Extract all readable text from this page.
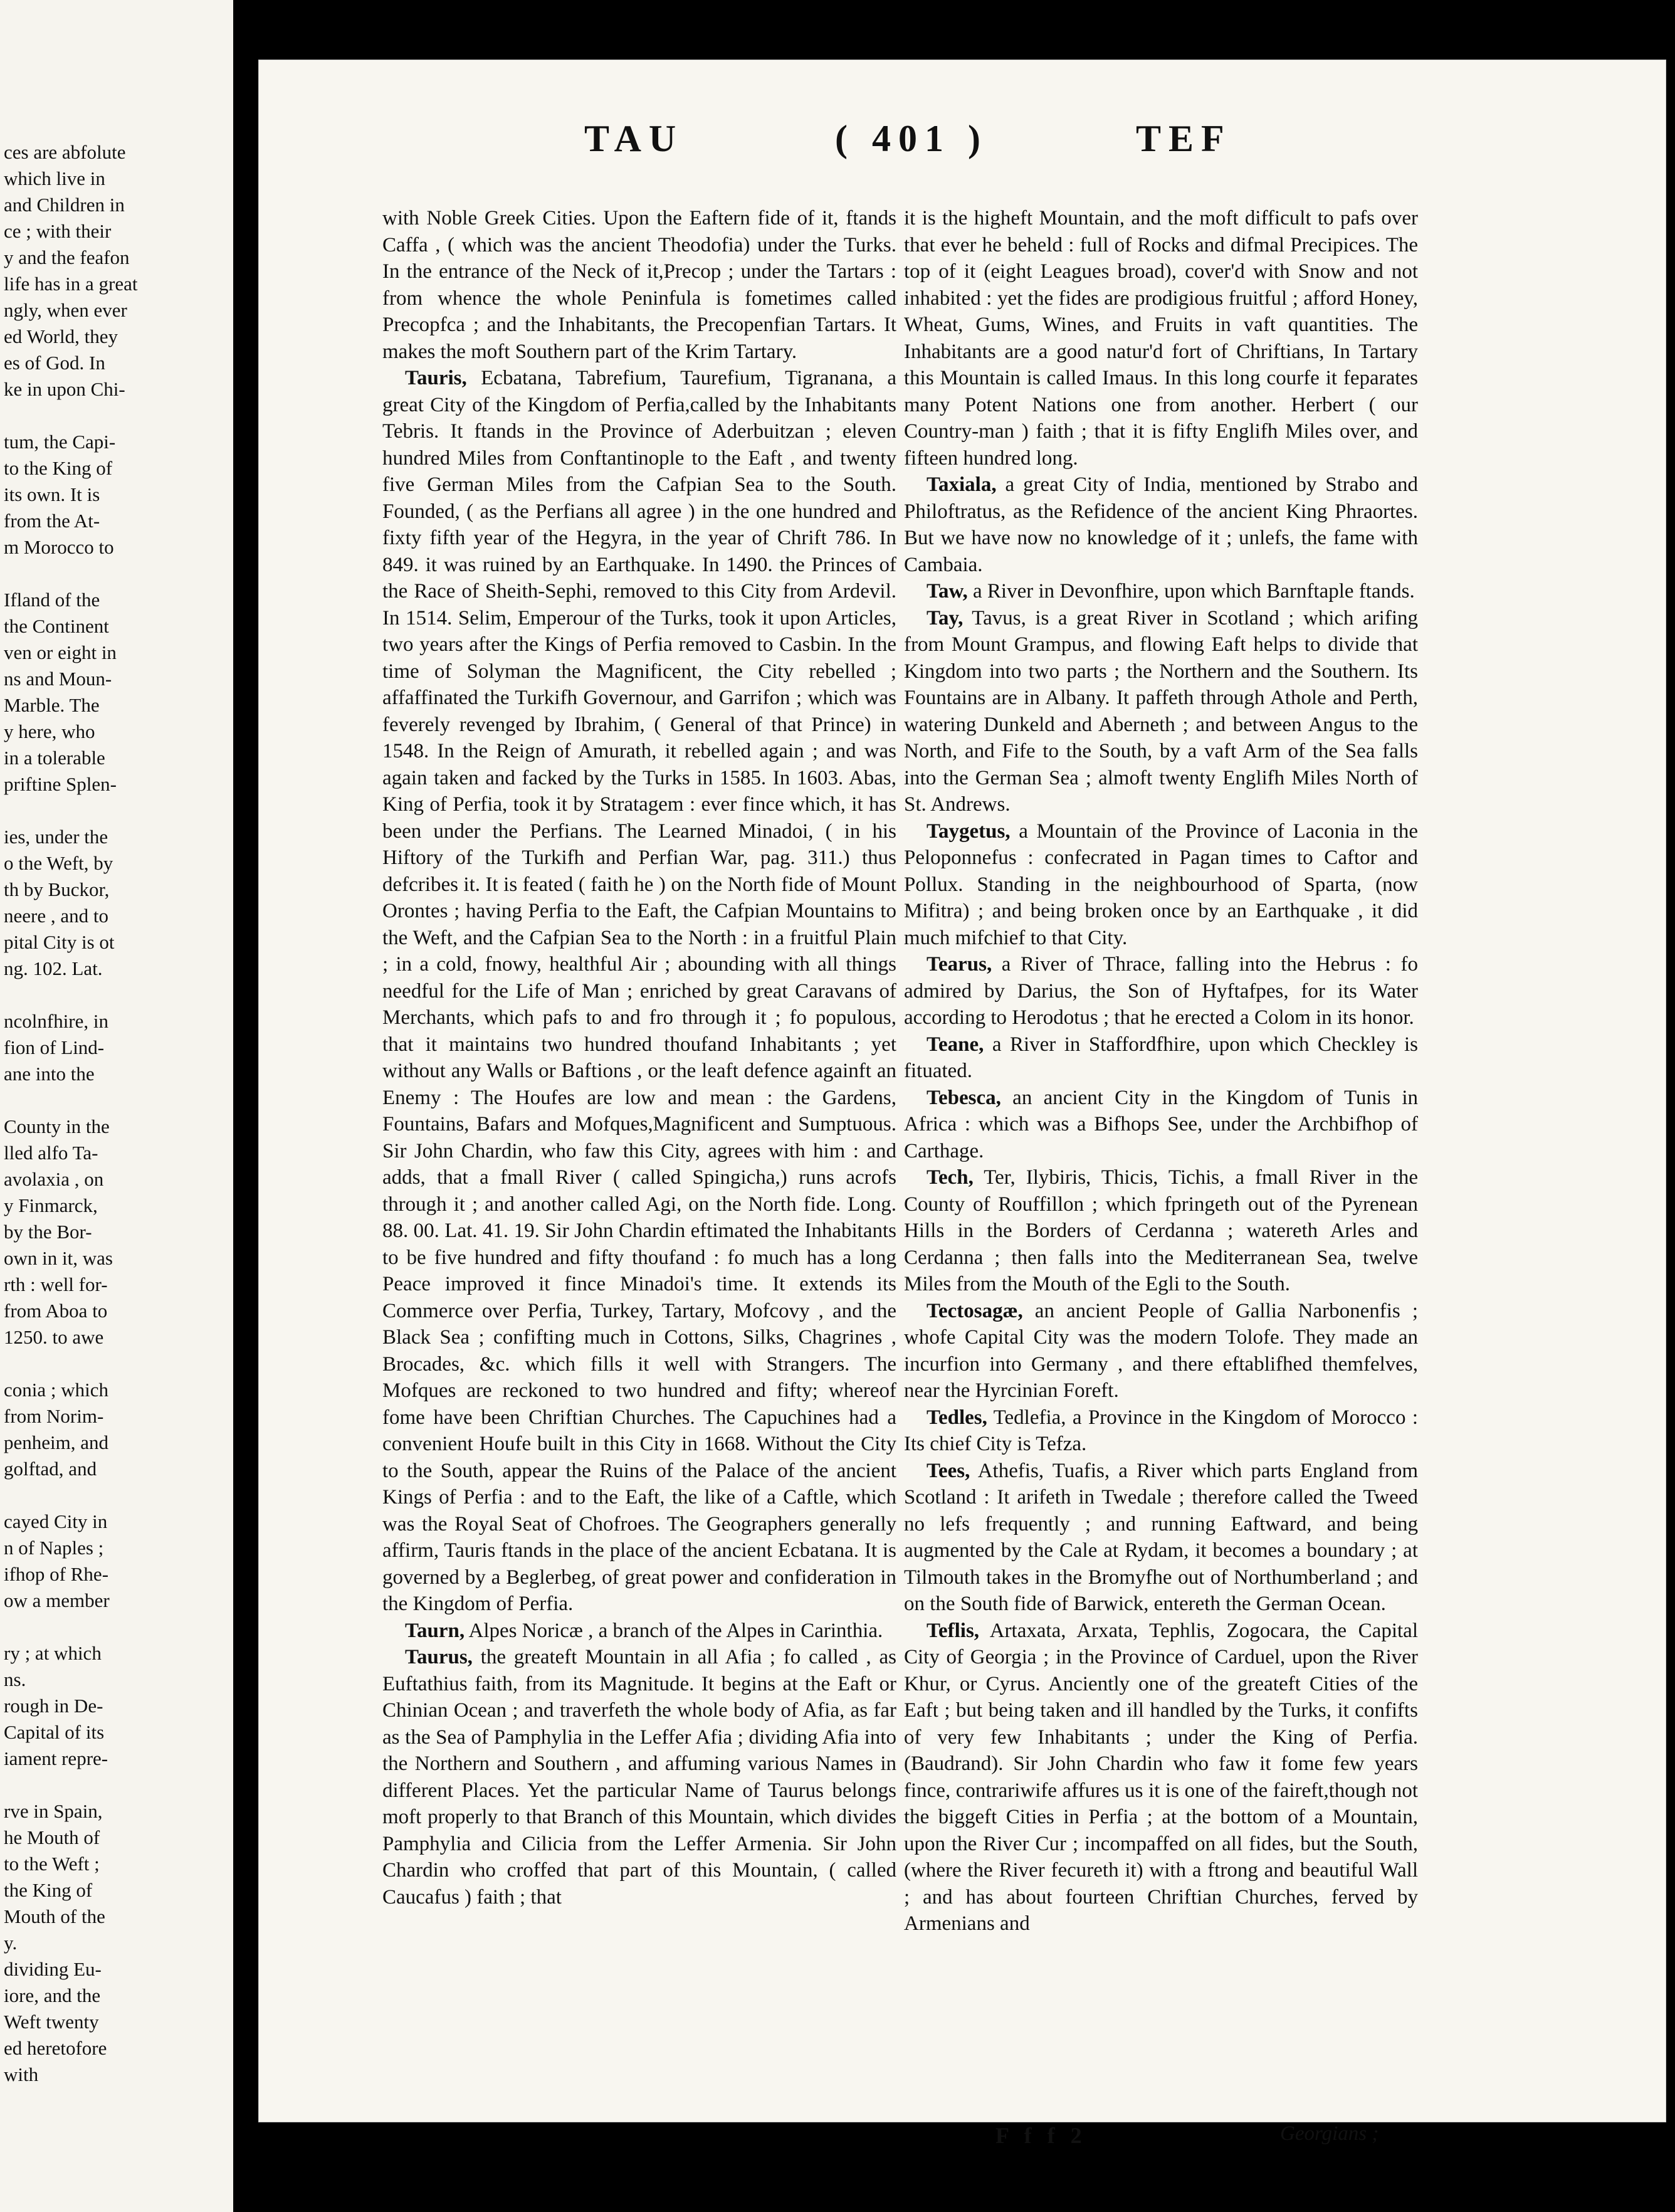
ces are abfolute
which live in
and Children in
ce ; with their
y and the feafon
life has in a great
ngly, when ever
ed World, they
es of God. In
ke in upon Chi-
tum, the Capi-
to the King of
its own. It is
from the At-
m Morocco to
Ifland of the
the Continent
ven or eight in
ns and Moun-
Marble. The
y here, who
in a tolerable
priftine Splen-
ies, under the
o the Weft, by
th by Buckor,
neere , and to
pital City is ot
ng. 102. Lat.
ncolnfhire, in
fion of Lind-
ane into the
County in the
lled alfo Ta-
avolaxia , on
y Finmarck,
by the Bor-
own in it, was
rth : well for-
from Aboa to
1250. to awe
conia ; which
from Norim-
penheim, and
golftad, and
cayed City in
n of Naples ;
ifhop of Rhe-
ow a member
ry ; at which
ns.
rough in De-
Capital of its
iament repre-
rve in Spain,
he Mouth of
to the Weft ;
the King of
Mouth of the
y.
dividing Eu-
iore, and the
Weft twenty
ed heretofore
with
TAU	( 401 )	TEF

with Noble Greek Cities. Upon the Eaftern fide of it, ftands Caffa , ( which was the ancient Theodofia) under the Turks. In the entrance of the Neck of it,Precop ; under the Tartars : from whence the whole Peninfula is fometimes called Precopfca ; and the Inhabitants, the Precopenfian Tartars. It makes the moft Southern part of the Krim Tartary.

Tauris, Ecbatana, Tabrefium, Taurefium, Tigranana, a great City of the Kingdom of Perfia,called by the Inhabitants Tebris. It ftands in the Province of Aderbuitzan ; eleven hundred Miles from Conftantinople to the Eaft , and twenty five German Miles from the Cafpian Sea to the South. Founded, ( as the Perfians all agree ) in the one hundred and fixty fifth year of the Hegyra, in the year of Chrift 786. In 849. it was ruined by an Earthquake. In 1490. the Princes of the Race of Sheith-Sephi, removed to this City from Ardevil. In 1514. Selim, Emperour of the Turks, took it upon Articles, two years after the Kings of Perfia removed to Casbin. In the time of Solyman the Magnificent, the City rebelled ; affaffinated the Turkifh Governour, and Garrifon ; which was feverely revenged by Ibrahim, ( General of that Prince) in 1548. In the Reign of Amurath, it rebelled again ; and was again taken and facked by the Turks in 1585. In 1603. Abas, King of Perfia, took it by Stratagem : ever fince which, it has been under the Perfians. The Learned Minadoi, ( in his Hiftory of the Turkifh and Perfian War, pag. 311.) thus defcribes it. It is feated ( faith he ) on the North fide of Mount Orontes ; having Perfia to the Eaft, the Cafpian Mountains to the Weft, and the Cafpian Sea to the North : in a fruitful Plain ; in a cold, fnowy, healthful Air ; abounding with all things needful for the Life of Man ; enriched by great Caravans of Merchants, which pafs to and fro through it ; fo populous, that it maintains two hundred thoufand Inhabitants ; yet without any Walls or Baftions , or the leaft defence againft an Enemy : The Houfes are low and mean : the Gardens, Fountains, Bafars and Mofques,Magnificent and Sumptuous. Sir John Chardin, who faw this City, agrees with him : and adds, that a fmall River ( called Spingicha,) runs acrofs through it ; and another called Agi, on the North fide. Long. 88. 00. Lat. 41. 19. Sir John Chardin eftimated the Inhabitants to be five hundred and fifty thoufand : fo much has a long Peace improved it fince Minadoi's time. It extends its Commerce over Perfia, Turkey, Tartary, Mofcovy , and the Black Sea ; confifting much in Cottons, Silks, Chagrines , Brocades, &c. which fills it well with Strangers. The Mofques are reckoned to two hundred and fifty; whereof fome have been Chriftian Churches. The Capuchines had a convenient Houfe built in this City in 1668. Without the City to the South, appear the Ruins of the Palace of the ancient Kings of Perfia : and to the Eaft, the like of a Caftle, which was the Royal Seat of Chofroes. The Geographers generally affirm, Tauris ftands in the place of the ancient Ecbatana. It is governed by a Beglerbeg, of great power and confideration in the Kingdom of Perfia.

Taurn, Alpes Noricæ , a branch of the Alpes in Carinthia.

Taurus, the greateft Mountain in all Afia ; fo called , as Euftathius faith, from its Magnitude. It begins at the Eaft or Chinian Ocean ; and traverfeth the whole body of Afia, as far as the Sea of Pamphylia in the Leffer Afia ; dividing Afia into the Northern and Southern , and affuming various Names in different Places. Yet the particular Name of Taurus belongs moft properly to that Branch of this Mountain, which divides Pamphylia and Cilicia from the Leffer Armenia. Sir John Chardin who croffed that part of this Mountain, ( called Caucafus ) faith ; that

it is the higheft Mountain, and the moft difficult to pafs over that ever he beheld : full of Rocks and difmal Precipices. The top of it (eight Leagues broad), cover'd with Snow and not inhabited : yet the fides are prodigious fruitful ; afford Honey, Wheat, Gums, Wines, and Fruits in vaft quantities. The Inhabitants are a good natur'd fort of Chriftians, In Tartary this Mountain is called Imaus. In this long courfe it feparates many Potent Nations one from another. Herbert ( our Country-man ) faith ; that it is fifty Englifh Miles over, and fifteen hundred long.

Taxiala, a great City of India, mentioned by Strabo and Philoftratus, as the Refidence of the ancient King Phraortes. But we have now no knowledge of it ; unlefs, the fame with Cambaia.

Taw, a River in Devonfhire, upon which Barnftaple ftands.

Tay, Tavus, is a great River in Scotland ; which arifing from Mount Grampus, and flowing Eaft helps to divide that Kingdom into two parts ; the Northern and the Southern. Its Fountains are in Albany. It paffeth through Athole and Perth, watering Dunkeld and Aberneth ; and between Angus to the North, and Fife to the South, by a vaft Arm of the Sea falls into the German Sea ; almoft twenty Englifh Miles North of St. Andrews.

Taygetus, a Mountain of the Province of Laconia in the Peloponnefus : confecrated in Pagan times to Caftor and Pollux. Standing in the neighbourhood of Sparta, (now Mifitra) ; and being broken once by an Earthquake , it did much mifchief to that City.

Tearus, a River of Thrace, falling into the Hebrus : fo admired by Darius, the Son of Hyftafpes, for its Water according to Herodotus ; that he erected a Colom in its honor.

Teane, a River in Staffordfhire, upon which Checkley is fituated.

Tebesca, an ancient City in the Kingdom of Tunis in Africa : which was a Bifhops See, under the Archbifhop of Carthage.

Tech, Ter, Ilybiris, Thicis, Tichis, a fmall River in the County of Rouffillon ; which fpringeth out of the Pyrenean Hills in the Borders of Cerdanna ; watereth Arles and Cerdanna ; then falls into the Mediterranean Sea, twelve Miles from the Mouth of the Egli to the South.

Tectosagæ, an ancient People of Gallia Narbonenfis ; whofe Capital City was the modern Tolofe. They made an incurfion into Germany , and there eftablifhed themfelves, near the Hyrcinian Foreft.

Tedles, Tedlefia, a Province in the Kingdom of Morocco : Its chief City is Tefza.

Tees, Athefis, Tuafis, a River which parts England from Scotland : It arifeth in Twedale ; therefore called the Tweed no lefs frequently ; and running Eaftward, and being augmented by the Cale at Rydam, it becomes a boundary ; at Tilmouth takes in the Bromyfhe out of Northumberland ; and on the South fide of Barwick, entereth the German Ocean.

Teflis, Artaxata, Arxata, Tephlis, Zogocara, the Capital City of Georgia ; in the Province of Carduel, upon the River Khur, or Cyrus. Anciently one of the greateft Cities of the Eaft ; but being taken and ill handled by the Turks, it confifts of very few Inhabitants ; under the King of Perfia. (Baudrand). Sir John Chardin who faw it fome few years fince, contrariwife affures us it is one of the faireft,though not the biggeft Cities in Perfia ; at the bottom of a Mountain, upon the River Cur ; incompaffed on all fides, but the South, (where the River fecureth it) with a ftrong and beautiful Wall ; and has about fourteen Chriftian Churches, ferved by Armenians and

F f f 2	Georgians ;
